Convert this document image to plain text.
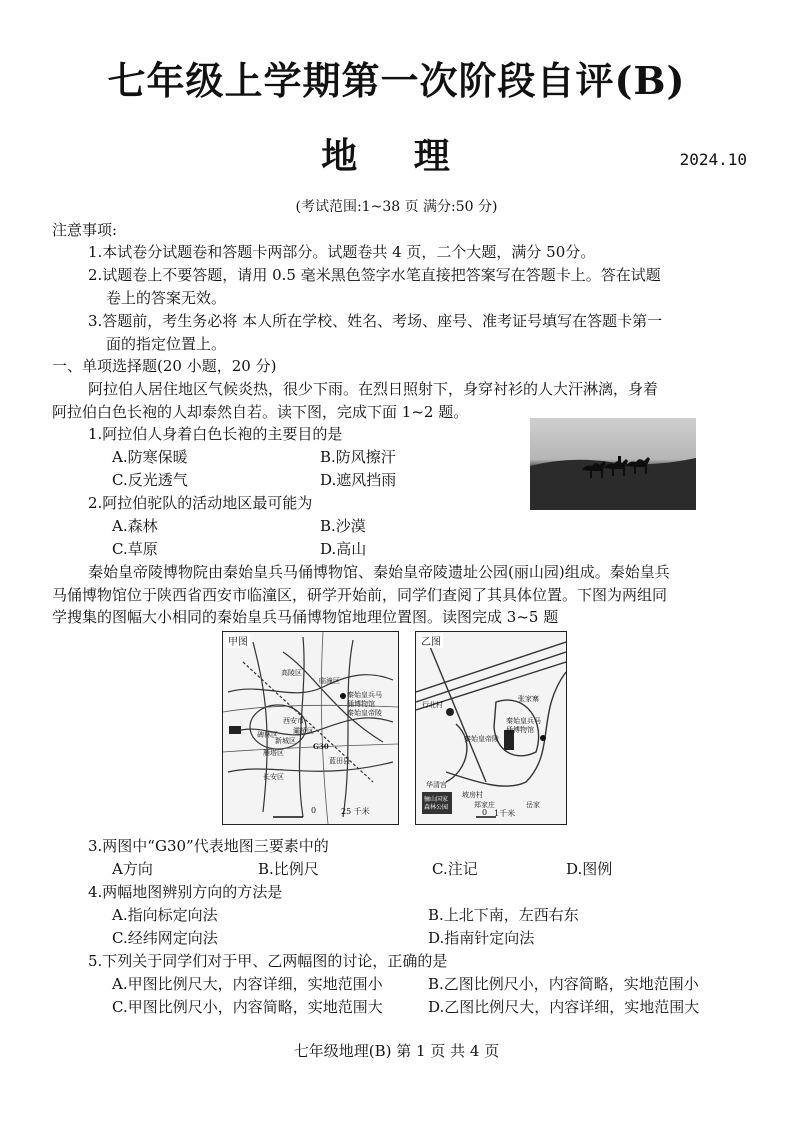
七年级上学期第一次阶段自评(B)
地 理	2024.10
(考试范围:1~38 页 满分:50 分)
注意事项:
1.本试卷分试题卷和答题卡两部分。试题卷共 4 页，二个大题，满分 50分。
2.试题卷上不要答题，请用 0.5 毫米黑色签字水笔直接把答案写在答题卡上。答在试题
卷上的答案无效。
3.答题前，考生务必将 本人所在学校、姓名、考场、座号、准考证号填写在答题卡第一
面的指定位置上。
一、单项选择题(20 小题，20 分)
阿拉伯人居住地区气候炎热，很少下雨。在烈日照射下，身穿衬衫的人大汗淋漓，身着
阿拉伯白色长袍的人却泰然自若。读下图，完成下面 1~2 题。
1.阿拉伯人身着白色长袍的主要目的是
A.防寒保暖	B.防风擦汗
C.反光透气	D.遮风挡雨
2.阿拉伯驼队的活动地区最可能为
A.森林	B.沙漠
C.草原	D.高山
秦始皇帝陵博物院由秦始皇兵马俑博物馆、秦始皇帝陵遗址公园(丽山园)组成。秦始皇兵
马俑博物馆位于陕西省西安市临潼区，研学开始前，同学们查阅了其具体位置。下图为两组同
学搜集的图幅大小相同的秦始皇兵马俑博物馆地理位置图。读图完成 3~5 题
甲图
高陵区
临潼区
秦始皇兵马
俑博物馆
秦始皇帝陵
西安市
灞桥区
新城区
碑林区
雁塔区
长安区
蓝田县
G30
0	25 千米
乙图
张家寨
行北村
秦始皇兵马
俑博物馆
秦始皇帝陵
华清宫
坡房村
骊山国家
森林公园	郑家庄	岳家
0 1千米
3.两图中“G30”代表地图三要素中的
A方向	B.比例尺	C.注记	D.图例
4.两幅地图辨别方向的方法是
A.指向标定向法	B.上北下南，左西右东
C.经纬网定向法	D.指南针定向法
5.下列关于同学们对于甲、乙两幅图的讨论，正确的是
A.甲图比例尺大，内容详细，实地范围小	B.乙图比例尺小，内容简略，实地范围小
C.甲图比例尺小，内容简略，实地范围大	D.乙图比例尺大，内容详细，实地范围大
七年级地理(B) 第 1 页 共 4 页
